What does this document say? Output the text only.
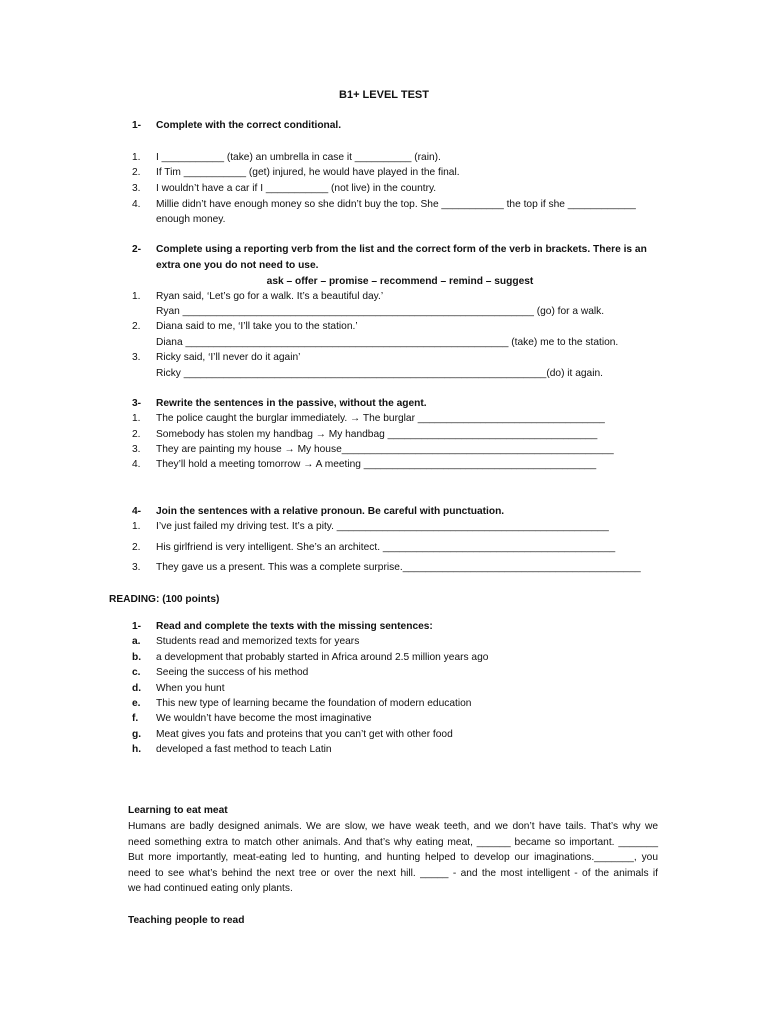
B1+ LEVEL TEST
1- Complete with the correct conditional.
1. I ___________ (take) an umbrella in case it __________ (rain).
2. If Tim ___________ (get) injured, he would have played in the final.
3. I wouldn’t have a car if I ___________ (not live) in the country.
4. Millie didn’t have enough money so she didn’t buy the top. She ___________ the top if she ____________
enough money.
2- Complete using a reporting verb from the list and the correct form of the verb in brackets. There is an
extra one you do not need to use.
ask – offer – promise – recommend – remind – suggest
1. Ryan said, ‘Let’s go for a walk. It’s a beautiful day.’
Ryan ______________________________________________________________ (go) for a walk.
2. Diana said to me, ‘I’ll take you to the station.’
Diana _________________________________________________________ (take) me to the station.
3. Ricky said, ‘I’ll never do it again’
Ricky ________________________________________________________________(do) it again.
3- Rewrite the sentences in the passive, without the agent.
1. The police caught the burglar immediately. → The burglar _________________________________
2. Somebody has stolen my handbag → My handbag _____________________________________
3. They are painting my house → My house________________________________________________
4. They’ll hold a meeting tomorrow → A meeting _________________________________________
4- Join the sentences with a relative pronoun. Be careful with punctuation.
1. I’ve just failed my driving test. It’s a pity. ________________________________________________
2. His girlfriend is very intelligent. She’s an architect. _________________________________________
3. They gave us a present. This was a complete surprise.__________________________________________
READING: (100 points)
1- Read and complete the texts with the missing sentences:
a. Students read and memorized texts for years
b. a development that probably started in Africa around 2.5 million years ago
c. Seeing the success of his method
d. When you hunt
e. This new type of learning became the foundation of modern education
f. We wouldn’t have become the most imaginative
g. Meat gives you fats and proteins that you can’t get with other food
h. developed a fast method to teach Latin
Learning to eat meat
Humans are badly designed animals. We are slow, we have weak teeth, and we don’t have tails. That’s why we
need something extra to match other animals. And that’s why eating meat, ______ became so important. _______
But more importantly, meat-eating led to hunting, and hunting helped to develop our imaginations._______, you
need to see what’s behind the next tree or over the next hill. _____ - and the most intelligent - of the animals if
we had continued eating only plants.
Teaching people to read
